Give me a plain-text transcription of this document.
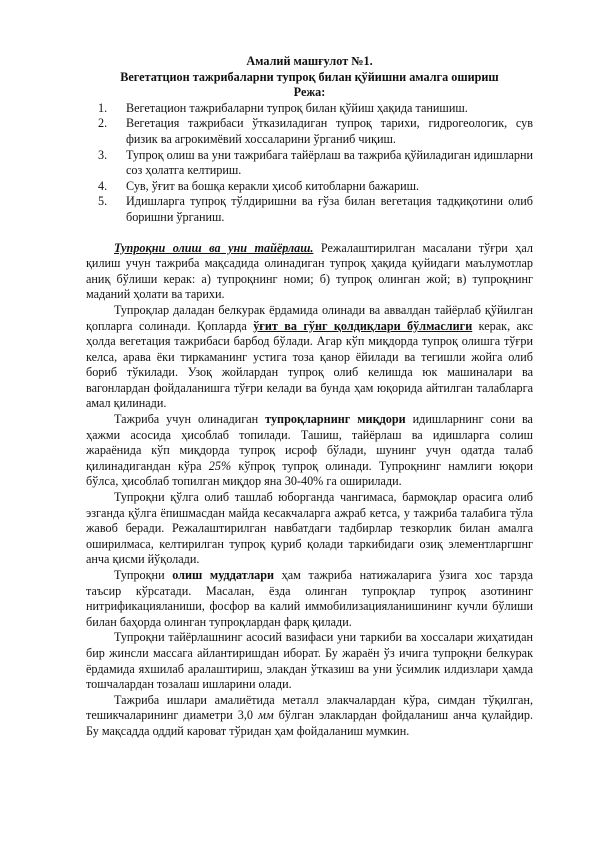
Амалий машғулот №1.
Вегетатцион тажрибаларни тупроқ билан қўйишни амалга ошириш
Режа:
1.	Вегетацион тажрибаларни тупроқ билан қўйиш ҳақида танишиш.
2.	Вегетация тажрибаси ўтказиладиган тупроқ тарихи, гидрогеологик, сув физик ва агрокимёвий хоссаларини ўрганиб чиқиш.
3.	Тупроқ олиш ва уни тажрибага тайёрлаш ва тажриба қўйиладиган идишларни соз ҳолатга келтириш.
4.	Сув, ўғит ва бошқа керакли ҳисоб китобларни бажариш.
5.	Идишларга тупроқ тўлдиришни ва ғўза билан вегетация тадқиқотини олиб боришни ўрганиш.

Тупроқни олиш ва уни тайёрлаш. Режалаштирилган масалани тўғри ҳал қилиш учун тажриба мақсадида олинадиган тупроқ ҳақида қуйидаги маълумотлар аниқ бўлиши керак: а) тупроқнинг номи; б) тупроқ олинган жой; в) тупроқнинг маданий ҳолати ва тарихи.

Тупроқлар даладан белкурак ёрдамида олинади ва аввалдан тайёрлаб қўйилган қопларга солинади. Қопларда ўғит ва гўнг қолдиқлари бўлмаслиги керак, акс ҳолда вегетация тажрибаси барбод бўлади. Агар кўп миқдорда тупроқ олишга тўғри келса, арава ёки тиркаманинг устига тоза қанор ёйилади ва тегишли жойга олиб бориб тўкилади. Узоқ жойлардан тупроқ олиб келишда юк машиналари ва вагонлардан фойдаланишга тўғри келади ва бунда ҳам юқорида айтилган талабларга амал қилинади.

Тажриба учун олинадиган тупроқларнинг миқдори идишларнинг сони ва ҳажми асосида ҳисоблаб топилади. Ташиш, тайёрлаш ва идишларга солиш жараёнида кўп миқдорда тупроқ исроф бўлади, шунинг учун одатда талаб қилинадигандан кўра 25% кўпроқ тупроқ олинади. Тупроқнинг намлиги юқори бўлса, ҳисоблаб топилган миқдор яна 30-40% га оширилади.

Тупроқни қўлга олиб ташлаб юборганда чангимаса, бармоқлар орасига олиб эзганда қўлга ёпишмасдан майда кесакчаларга ажраб кетса, у тажриба талабига тўла жавоб беради. Режалаштирилган навбатдаги тадбирлар тезкорлик билан амалга оширилмаса, келтирилган тупроқ қуриб қолади таркибидаги озиқ элементларгшнг анча қисми йўқолади.

Тупроқни олиш муддатлари ҳам тажриба натижаларига ўзига хос тарзда таъсир кўрсатади. Масалан, ёзда олинган тупроқлар тупроқ азотининг нитрификацияланиши, фосфор ва калий иммобилизацияланишининг кучли бўлиши билан баҳорда олинган тупроқлардан фарқ қилади.

Тупроқни тайёрлашнинг асосий вазифаси уни таркиби ва хоссалари жиҳатидан бир жинсли массага айлантиришдан иборат. Бу жараён ўз ичига тупроқни белкурак ёрдамида яхшилаб аралаштириш, элакдан ўтказиш ва уни ўсимлик илдизлари ҳамда тошчалардан тозалаш ишларини олади.

Тажриба ишлари амалиётида металл элакчалардан кўра, симдан тўқилган, тешикчаларининг диаметри 3,0 мм бўлган элаклардан фойдаланиш анча қулайдир. Бу мақсадда оддий кароват тўридан ҳам фойдаланиш мумкин.
